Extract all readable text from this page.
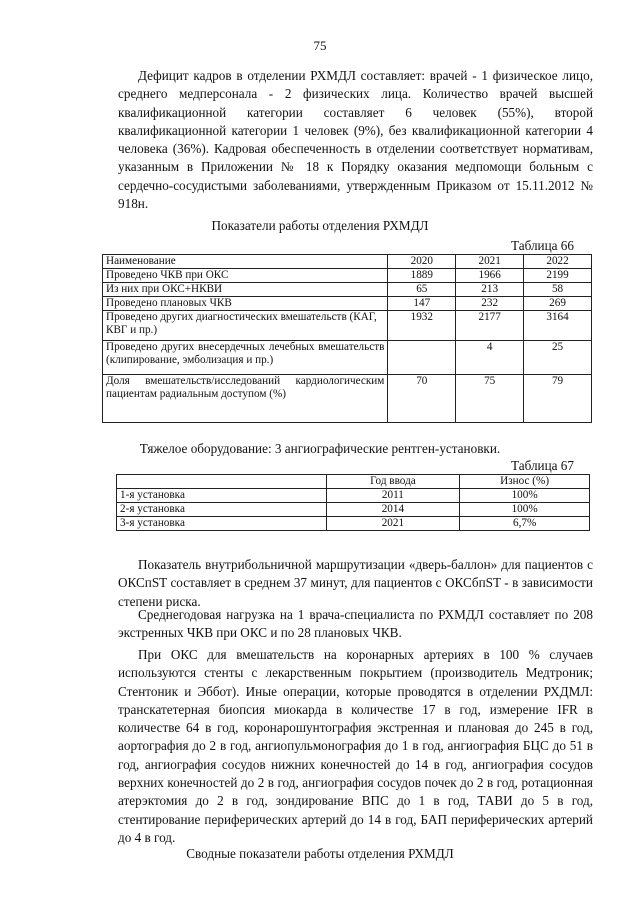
75

Дефицит кадров в отделении РХМДЛ составляет: врачей - 1 физическое лицо, среднего медперсонала - 2 физических лица. Количество врачей высшей квалификационной категории составляет 6 человек (55%), второй квалификационной категории 1 человек (9%), без квалификационной категории 4 человека (36%). Кадровая обеспеченность в отделении соответствует нормативам, указанным в Приложении № 18 к Порядку оказания медпомощи больным с сердечно-сосудистыми заболеваниями, утвержденным Приказом от 15.11.2012 № 918н.

Показатели работы отделения РХМДЛ
Таблица 66
Наименование	2020	2021	2022
Проведено ЧКВ при ОКС	1889	1966	2199
Из них при ОКС+НКВИ	65	213	58
Проведено плановых ЧКВ	147	232	269
Проведено других диагностических вмешательств (КАГ, КВГ и пр.)	1932	2177	3164
Проведено других внесердечных лечебных вмешательств (клипирование, эмболизация и пр.)		4	25
Доля вмешательств/исследований кардиологическим пациентам радиальным доступом (%)	70	75	79
Тяжелое оборудование: 3 ангиографические рентген-установки.
Таблица 67
	Год ввода	Износ (%)
1-я установка	2011	100%
2-я установка	2014	100%
3-я установка	2021	6,7%

Показатель внутрибольничной маршрутизации «дверь-баллон» для пациентов с ОКСпST составляет в среднем 37 минут, для пациентов с ОКСбпST - в зависимости степени риска.

Среднегодовая нагрузка на 1 врача-специалиста по РХМДЛ составляет по 208 экстренных ЧКВ при ОКС и по 28 плановых ЧКВ.

При ОКС для вмешательств на коронарных артериях в 100 % случаев используются стенты с лекарственным покрытием (производитель Медтроник; Стентоник и Эббот). Иные операции, которые проводятся в отделении РХДМЛ: транскатетерная биопсия миокарда в количестве 17 в год, измерение IFR в количестве 64 в год, коронарошунтография экстренная и плановая до 245 в год, аортография до 2 в год, ангиопульмонография до 1 в год, ангиография БЦС до 51 в год, ангиография сосудов нижних конечностей до 14 в год, ангиография сосудов верхних конечностей до 2 в год, ангиография сосудов почек до 2 в год, ротационная атерэктомия до 2 в год, зондирование ВПС до 1 в год, ТАВИ до 5 в год, стентирование периферических артерий до 14 в год, БАП периферических артерий до 4 в год.

Сводные показатели работы отделения РХМДЛ
